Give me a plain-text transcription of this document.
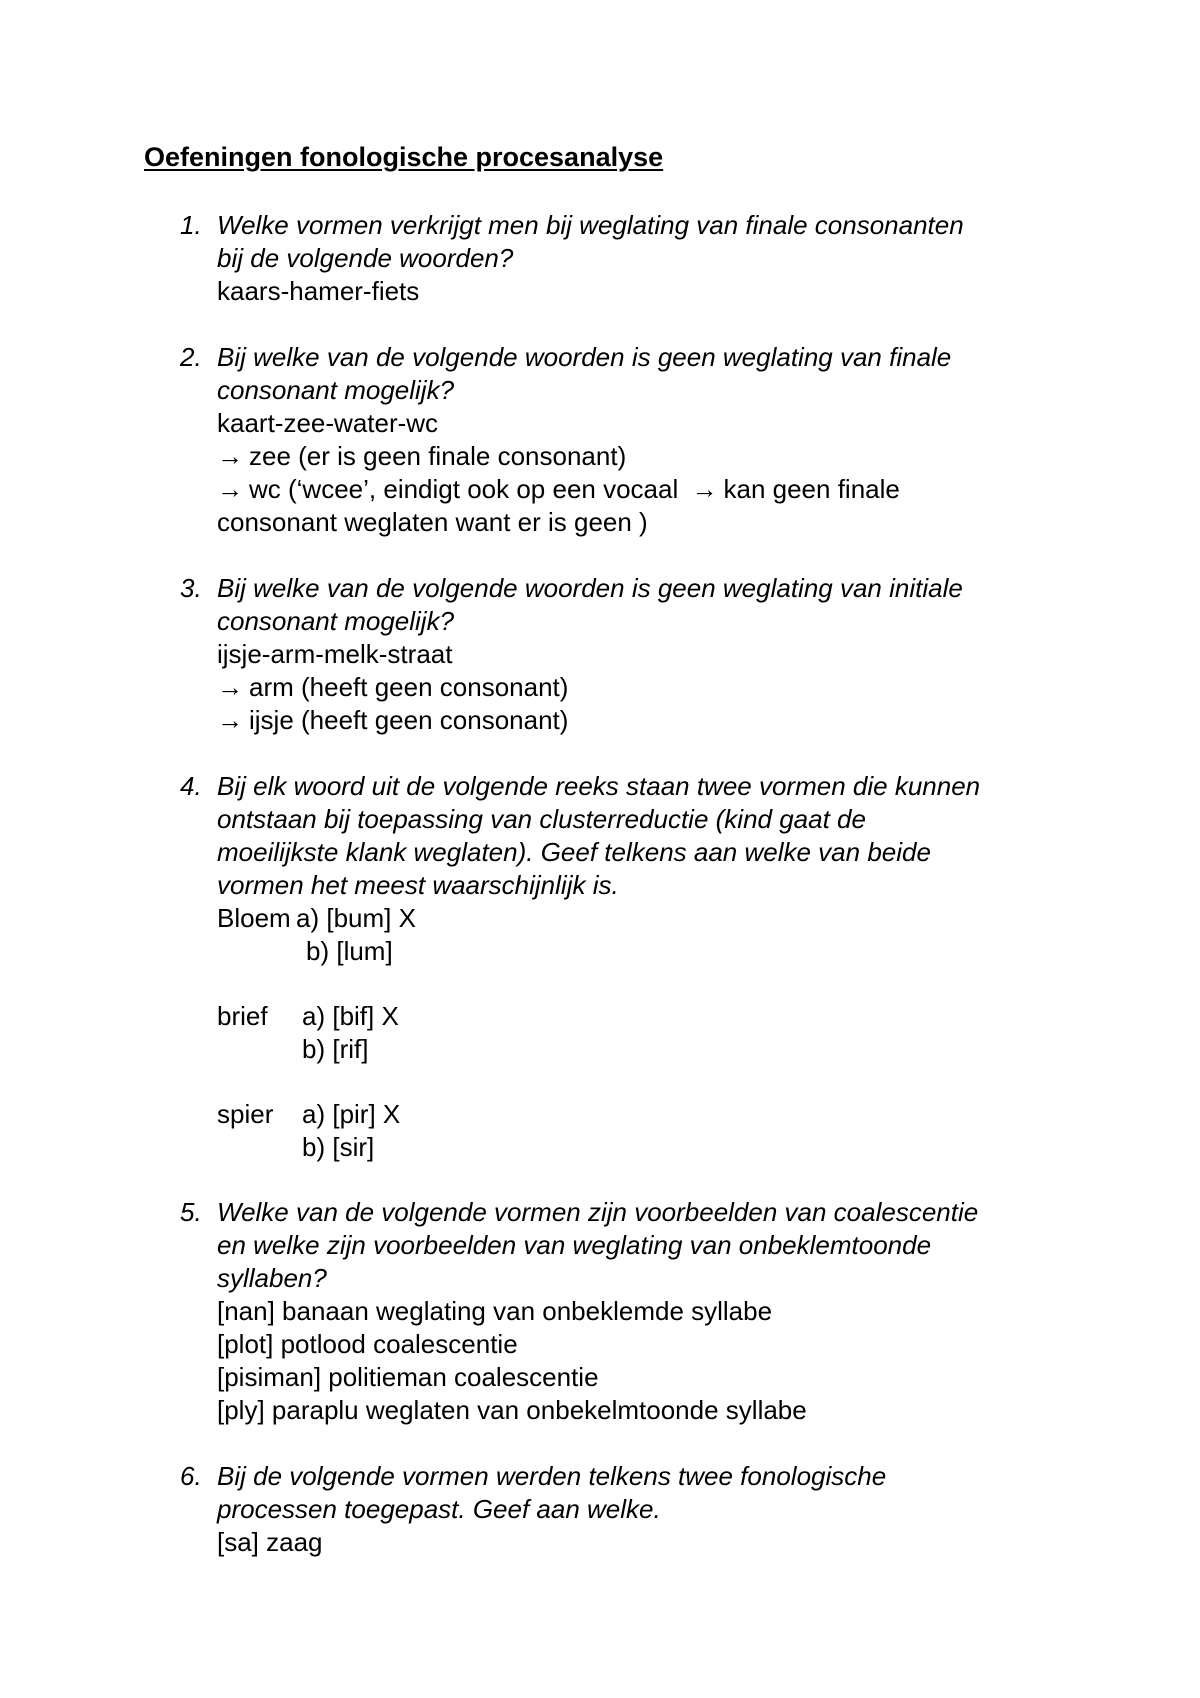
Oefeningen fonologische procesanalyse
1. Welke vormen verkrijgt men bij weglating van finale consonanten
bij de volgende woorden?
kaars-hamer-fiets
2. Bij welke van de volgende woorden is geen weglating van finale
consonant mogelijk?
kaart-zee-water-wc
→ zee (er is geen finale consonant)
→ wc (‘wcee’, eindigt ook op een vocaal → kan geen finale
consonant weglaten want er is geen )
3. Bij welke van de volgende woorden is geen weglating van initiale
consonant mogelijk?
ijsje-arm-melk-straat
→ arm (heeft geen consonant)
→ ijsje (heeft geen consonant)
4. Bij elk woord uit de volgende reeks staan twee vormen die kunnen
ontstaan bij toepassing van clusterreductie (kind gaat de
moeilijkste klank weglaten). Geef telkens aan welke van beide
vormen het meest waarschijnlijk is.
Bloem a) [bum] X
b) [lum]
brief a) [bif] X
b) [rif]
spier a) [pir] X
b) [sir]
5. Welke van de volgende vormen zijn voorbeelden van coalescentie
en welke zijn voorbeelden van weglating van onbeklemtoonde
syllaben?
[nan] banaan weglating van onbeklemde syllabe
[plot] potlood coalescentie
[pisiman] politieman coalescentie
[ply] paraplu weglaten van onbekelmtoonde syllabe
6. Bij de volgende vormen werden telkens twee fonologische
processen toegepast. Geef aan welke.
[sa] zaag
